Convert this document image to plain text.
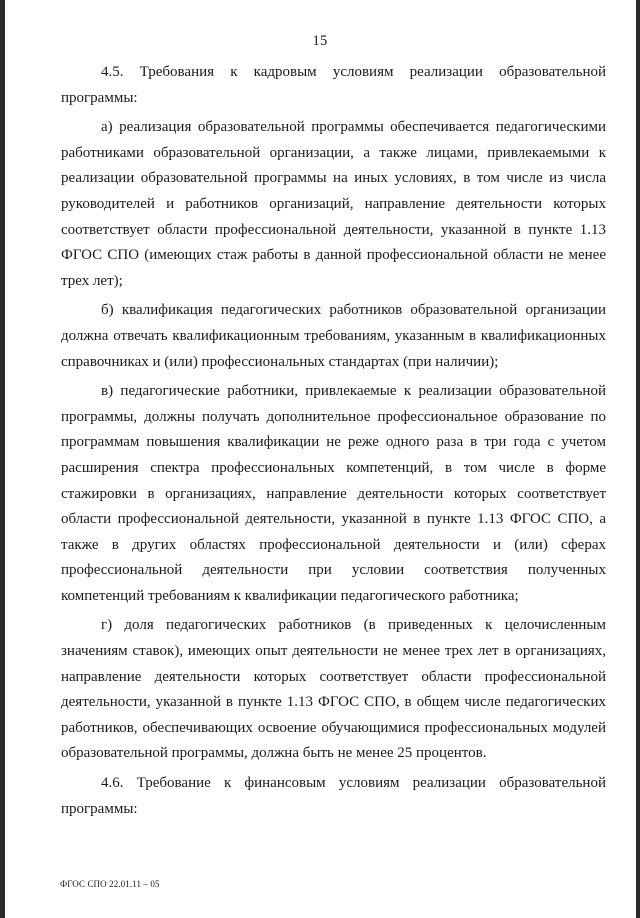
15

4.5. Требования к кадровым условиям реализации образовательной программы:

а) реализация образовательной программы обеспечивается педагогическими работниками образовательной организации, а также лицами, привлекаемыми к реализации образовательной программы на иных условиях, в том числе из числа руководителей и работников организаций, направление деятельности которых соответствует области профессиональной деятельности, указанной в пункте 1.13 ФГОС СПО (имеющих стаж работы в данной профессиональной области не менее трех лет);

б) квалификация педагогических работников образовательной организации должна отвечать квалификационным требованиям, указанным в квалификационных справочниках и (или) профессиональных стандартах (при наличии);

в) педагогические работники, привлекаемые к реализации образовательной программы, должны получать дополнительное профессиональное образование по программам повышения квалификации не реже одного раза в три года с учетом расширения спектра профессиональных компетенций, в том числе в форме стажировки в организациях, направление деятельности которых соответствует области профессиональной деятельности, указанной в пункте 1.13 ФГОС СПО, а также в других областях профессиональной деятельности и (или) сферах профессиональной деятельности при условии соответствия полученных компетенций требованиям к квалификации педагогического работника;

г) доля педагогических работников (в приведенных к целочисленным значениям ставок), имеющих опыт деятельности не менее трех лет в организациях, направление деятельности которых соответствует области профессиональной деятельности, указанной в пункте 1.13 ФГОС СПО, в общем числе педагогических работников, обеспечивающих освоение обучающимися профессиональных модулей образовательной программы, должна быть не менее 25 процентов.

4.6. Требование к финансовым условиям реализации образовательной программы:

ФГОС СПО 22.01.11 – 05
